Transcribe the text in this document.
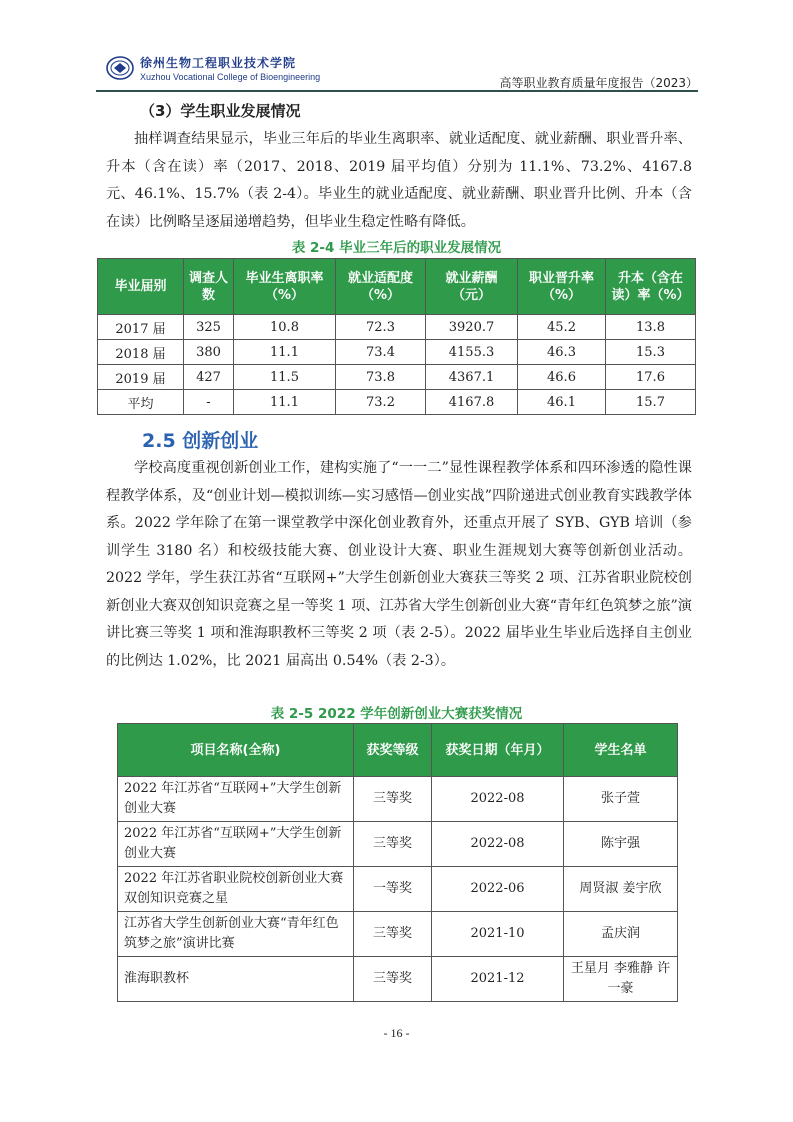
徐州生物工程职业技术学院
Xuzhou Vocational College of Bioengineering	高等职业教育质量年度报告（2023）
（3）学生职业发展情况
抽样调查结果显示，毕业三年后的毕业生离职率、就业适配度、就业薪酬、职业晋升率、升本（含在读）率（2017、2018、2019 届平均值）分别为 11.1%、73.2%、4167.8 元、46.1%、15.7%（表 2-4）。毕业生的就业适配度、就业薪酬、职业晋升比例、升本（含在读）比例略呈逐届递增趋势，但毕业生稳定性略有降低。
表 2-4 毕业三年后的职业发展情况
毕业届别	调查人数	毕业生离职率（%）	就业适配度（%）	就业薪酬（元）	职业晋升率（%）	升本（含在读）率（%）
2017 届	325	10.8	72.3	3920.7	45.2	13.8
2018 届	380	11.1	73.4	4155.3	46.3	15.3
2019 届	427	11.5	73.8	4367.1	46.6	17.6
平均	-	11.1	73.2	4167.8	46.1	15.7
2.5 创新创业
学校高度重视创新创业工作，建构实施了“一一二”显性课程教学体系和四环渗透的隐性课程教学体系，及“创业计划—模拟训练—实习感悟—创业实战”四阶递进式创业教育实践教学体系。2022 学年除了在第一课堂教学中深化创业教育外，还重点开展了 SYB、GYB 培训（参训学生 3180 名）和校级技能大赛、创业设计大赛、职业生涯规划大赛等创新创业活动。2022 学年，学生获江苏省“互联网+”大学生创新创业大赛获三等奖 2 项、江苏省职业院校创新创业大赛双创知识竞赛之星一等奖 1 项、江苏省大学生创新创业大赛“青年红色筑梦之旅”演讲比赛三等奖 1 项和淮海职教杯三等奖 2 项（表 2-5）。2022 届毕业生毕业后选择自主创业的比例达 1.02%，比 2021 届高出 0.54%（表 2-3）。
表 2-5 2022 学年创新创业大赛获奖情况
项目名称(全称)	获奖等级	获奖日期（年月）	学生名单
2022 年江苏省“互联网+”大学生创新创业大赛	三等奖	2022-08	张子萱
2022 年江苏省“互联网+”大学生创新创业大赛	三等奖	2022-08	陈宇强
2022 年江苏省职业院校创新创业大赛双创知识竞赛之星	一等奖	2022-06	周贤淑 姜宇欣
江苏省大学生创新创业大赛“青年红色筑梦之旅”演讲比赛	三等奖	2021-10	孟庆润
淮海职教杯	三等奖	2021-12	王星月 李雅静 许一豪
- 16 -
